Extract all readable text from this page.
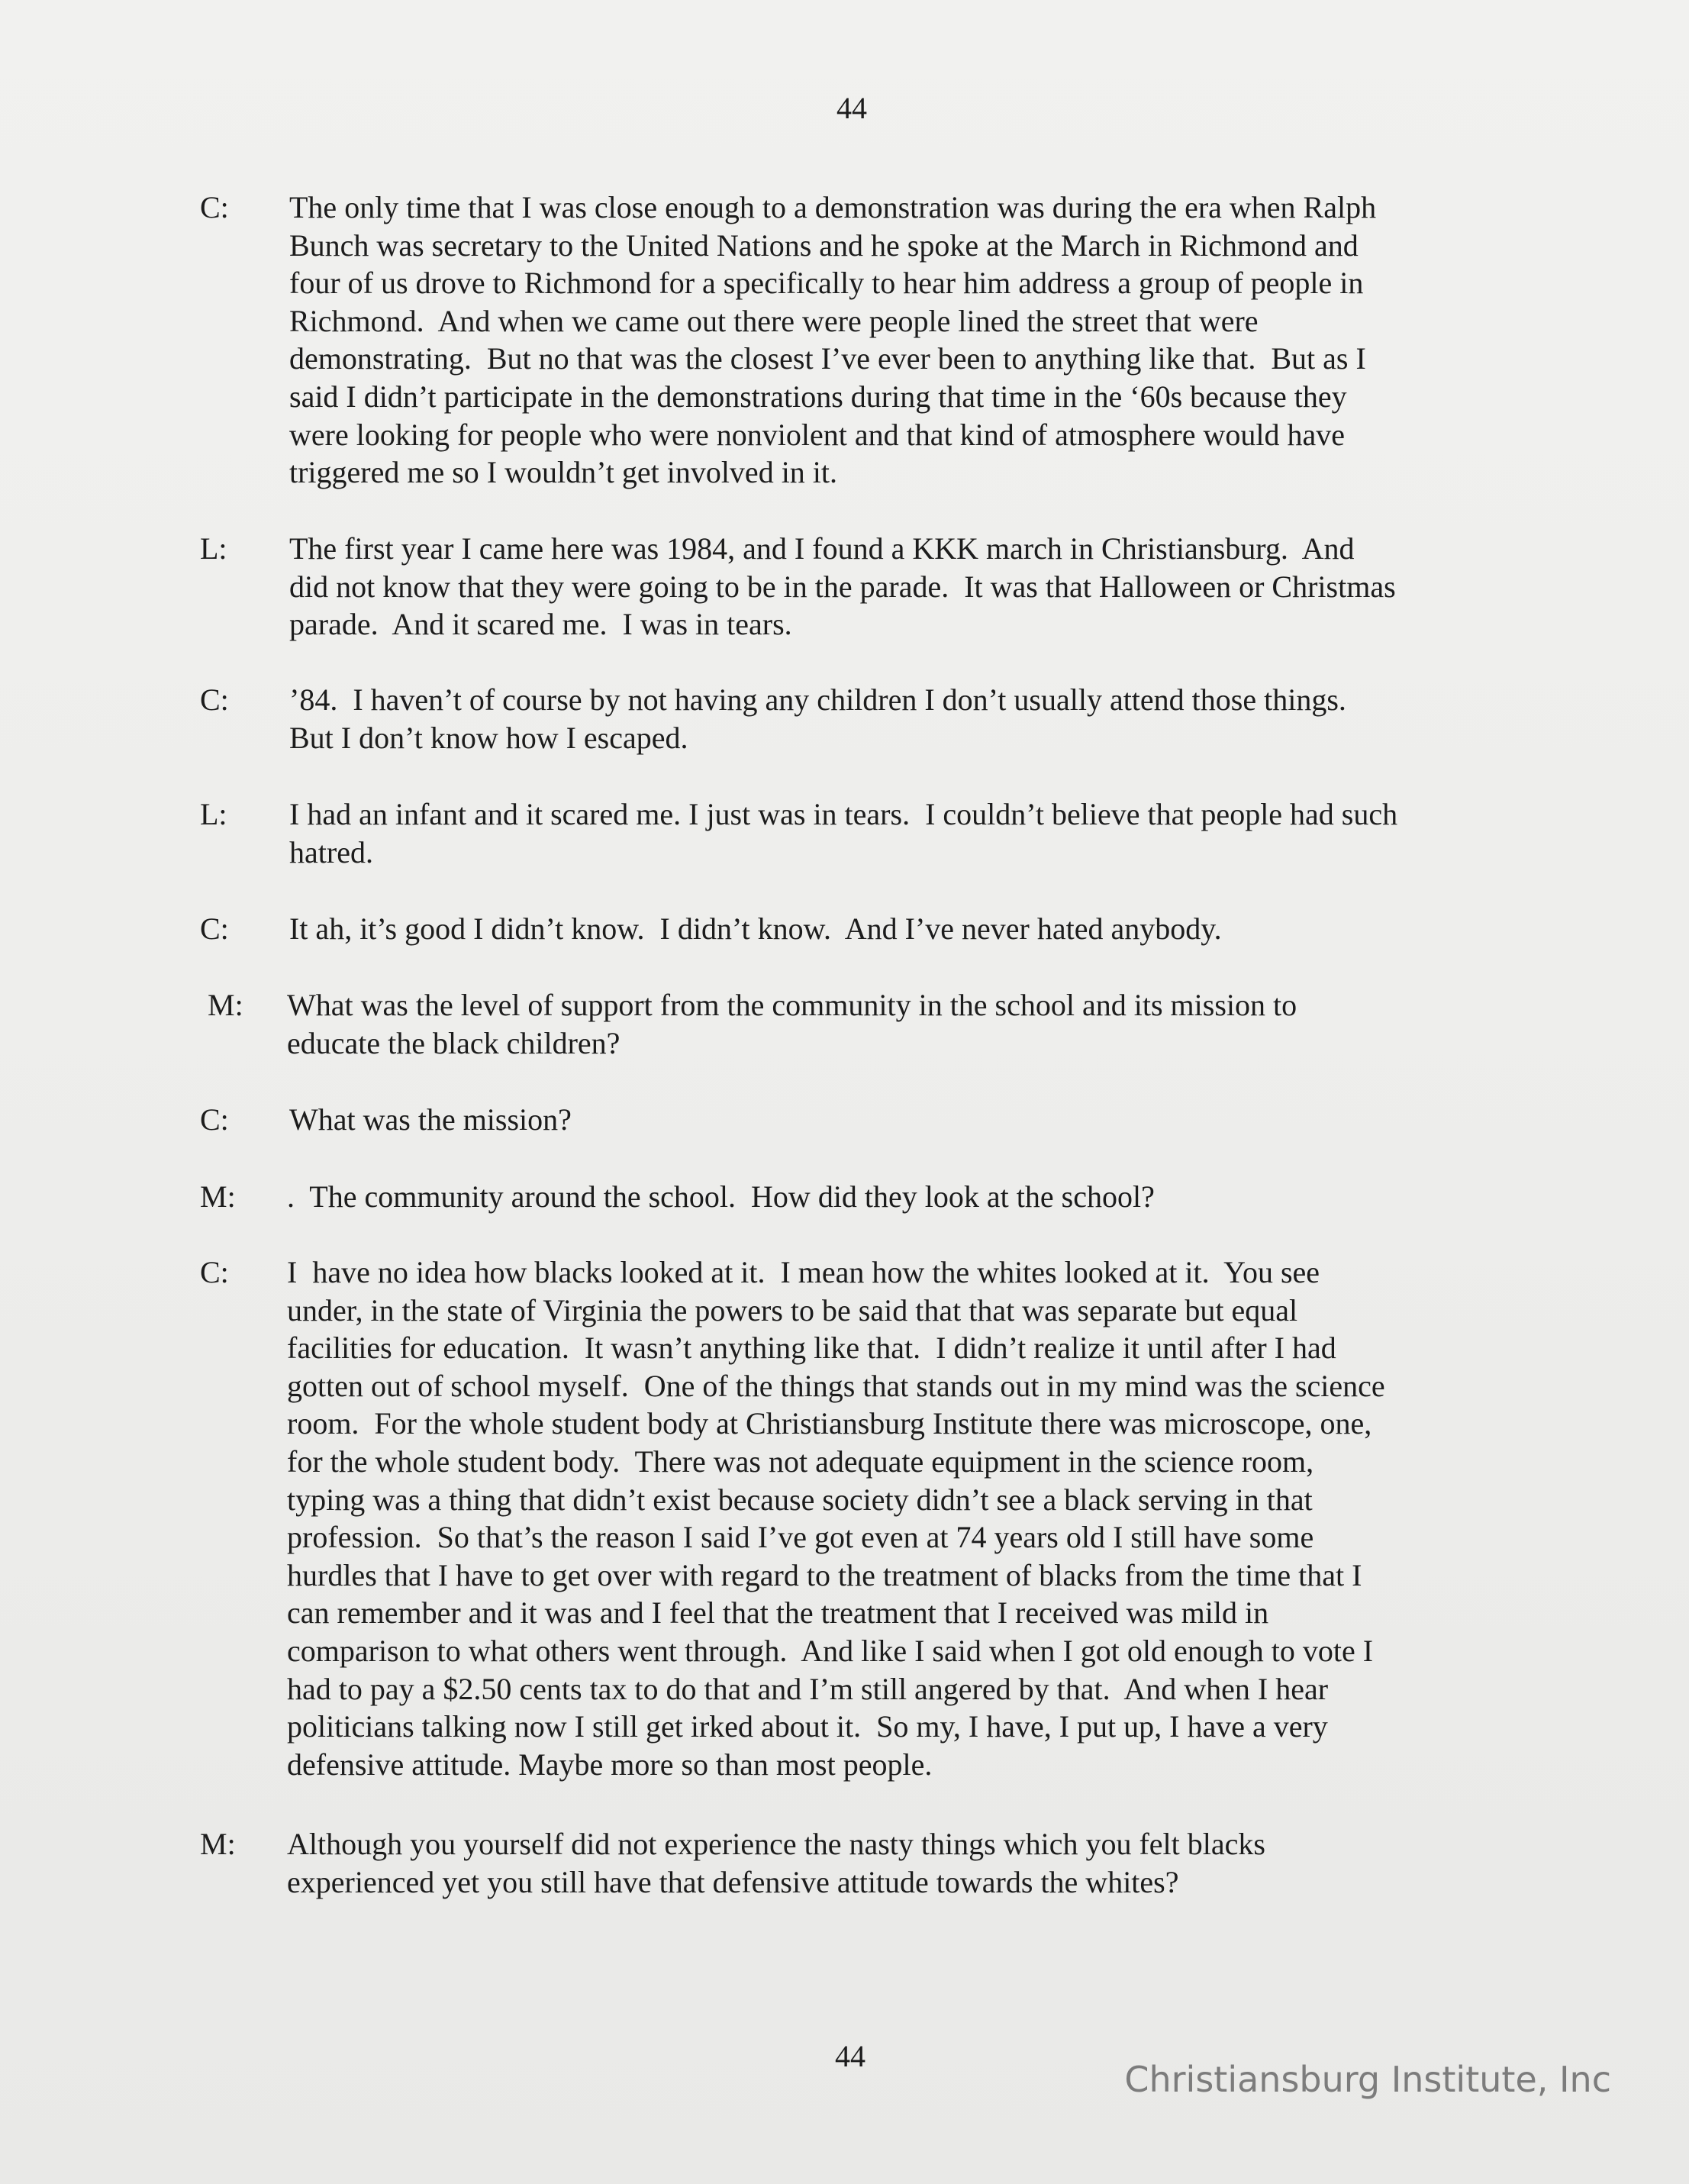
44
C: The only time that I was close enough to a demonstration was during the era when Ralph
Bunch was secretary to the United Nations and he spoke at the March in Richmond and
four of us drove to Richmond for a specifically to hear him address a group of people in
Richmond.  And when we came out there were people lined the street that were
demonstrating.  But no that was the closest I’ve ever been to anything like that.  But as I
said I didn’t participate in the demonstrations during that time in the ‘60s because they
were looking for people who were nonviolent and that kind of atmosphere would have
triggered me so I wouldn’t get involved in it.
L: The first year I came here was 1984, and I found a KKK march in Christiansburg.  And
did not know that they were going to be in the parade.  It was that Halloween or Christmas
parade.  And it scared me.  I was in tears.
C: ’84.  I haven’t of course by not having any children I don’t usually attend those things.
But I don’t know how I escaped.
L: I had an infant and it scared me. I just was in tears.  I couldn’t believe that people had such
hatred.
C: It ah, it’s good I didn’t know.  I didn’t know.  And I’ve never hated anybody.
M: What was the level of support from the community in the school and its mission to
educate the black children?
C: What was the mission?
M: .  The community around the school.  How did they look at the school?
C: I  have no idea how blacks looked at it.  I mean how the whites looked at it.  You see
under, in the state of Virginia the powers to be said that that was separate but equal
facilities for education.  It wasn’t anything like that.  I didn’t realize it until after I had
gotten out of school myself.  One of the things that stands out in my mind was the science
room.  For the whole student body at Christiansburg Institute there was microscope, one,
for the whole student body.  There was not adequate equipment in the science room,
typing was a thing that didn’t exist because society didn’t see a black serving in that
profession.  So that’s the reason I said I’ve got even at 74 years old I still have some
hurdles that I have to get over with regard to the treatment of blacks from the time that I
can remember and it was and I feel that the treatment that I received was mild in
comparison to what others went through.  And like I said when I got old enough to vote I
had to pay a $2.50 cents tax to do that and I’m still angered by that.  And when I hear
politicians talking now I still get irked about it.  So my, I have, I put up, I have a very
defensive attitude. Maybe more so than most people.
M: Although you yourself did not experience the nasty things which you felt blacks
experienced yet you still have that defensive attitude towards the whites?
44
Christiansburg Institute, Inc
